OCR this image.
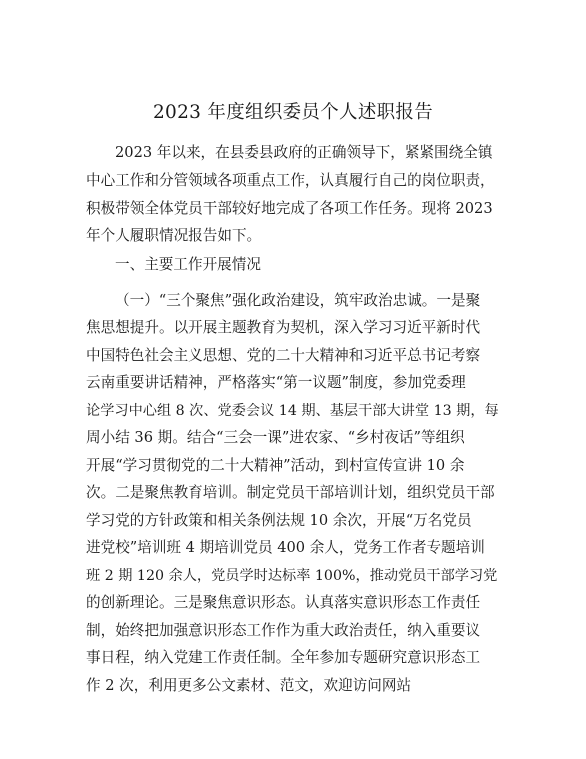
2023 年度组织委员个人述职报告
2023 年以来，在县委县政府的正确领导下，紧紧围绕全镇
中心工作和分管领域各项重点工作，认真履行自己的岗位职责，
积极带领全体党员干部较好地完成了各项工作任务。现将 2023
年个人履职情况报告如下。
一、主要工作开展情况
（一）“三个聚焦”强化政治建设，筑牢政治忠诚。一是聚
焦思想提升。以开展主题教育为契机，深入学习习近平新时代
中国特色社会主义思想、党的二十大精神和习近平总书记考察
云南重要讲话精神，严格落实“第一议题”制度，参加党委理
论学习中心组 8 次、党委会议 14 期、基层干部大讲堂 13 期，每
周小结 36 期。结合“三会一课”进农家、“乡村夜话”等组织
开展“学习贯彻党的二十大精神”活动，到村宣传宣讲 10 余
次。二是聚焦教育培训。制定党员干部培训计划，组织党员干部
学习党的方针政策和相关条例法规 10 余次，开展“万名党员
进党校”培训班 4 期培训党员 400 余人，党务工作者专题培训
班 2 期 120 余人，党员学时达标率 100%，推动党员干部学习党
的创新理论。三是聚焦意识形态。认真落实意识形态工作责任
制，始终把加强意识形态工作作为重大政治责任，纳入重要议
事日程，纳入党建工作责任制。全年参加专题研究意识形态工
作 2 次，利用更多公文素材、范文，欢迎访问网站
